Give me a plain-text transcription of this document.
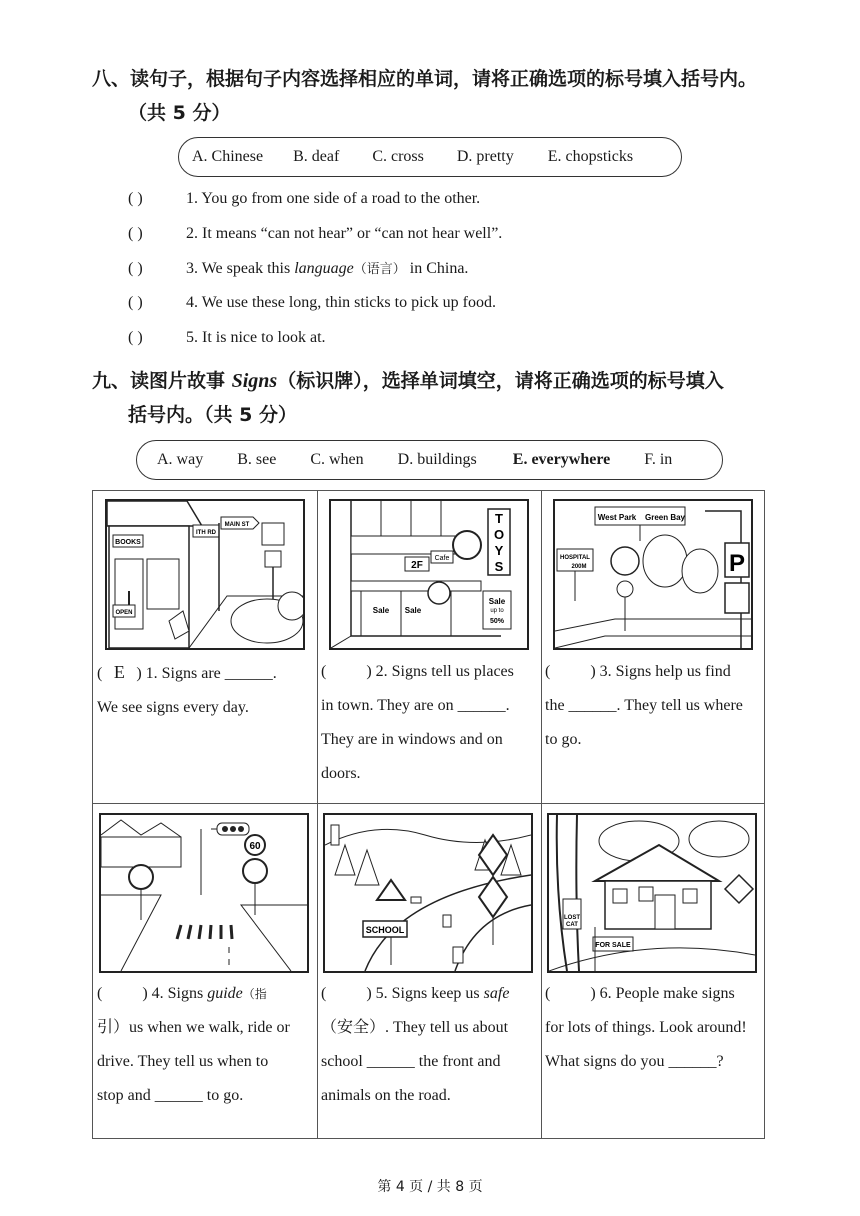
八、读句子，根据句子内容选择相应的单词，请将正确选项的标号填入括号内。
（共 5 分）
A. Chinese B. deaf C. cross D. pretty E. chopsticks
( )	1. You go from one side of a road to the other.
( )	2. It means “can not hear” or “can not hear well”.
( )	3. We speak this language（语言） in China.
( )	4. We use these long, thin sticks to pick up food.
( )	5. It is nice to look at.
九、读图片故事 Signs（标识牌），选择单词填空，请将正确选项的标号填入
括号内。（共 5 分）
A. way B. see C. when D. buildings E. everywhere F. in
BOOKS
OPEN
ITH RD
MAIN ST
2F
Cafe
T
O
Y
S
Sale Sale
Sale
up to
50%
West Park Green Bay
P
HOSPITAL
200M
( E ) 1. Signs are ______.
We see signs every day.
(	) 2. Signs tell us places
in town. They are on ______.
They are in windows and on
doors.
(	) 3. Signs help us find
the ______. They tell us where
to go.
60
SCHOOL
LOST
CAT
FOR SALE
(	) 4. Signs guide（指
引）us when we walk, ride or
drive. They tell us when to
stop and ______ to go.
(	) 5. Signs keep us safe
（安全）. They tell us about
school ______ the front and
animals on the road.
(	) 6. People make signs
for lots of things. Look around!
What signs do you ______?
第 4 页 / 共 8 页
